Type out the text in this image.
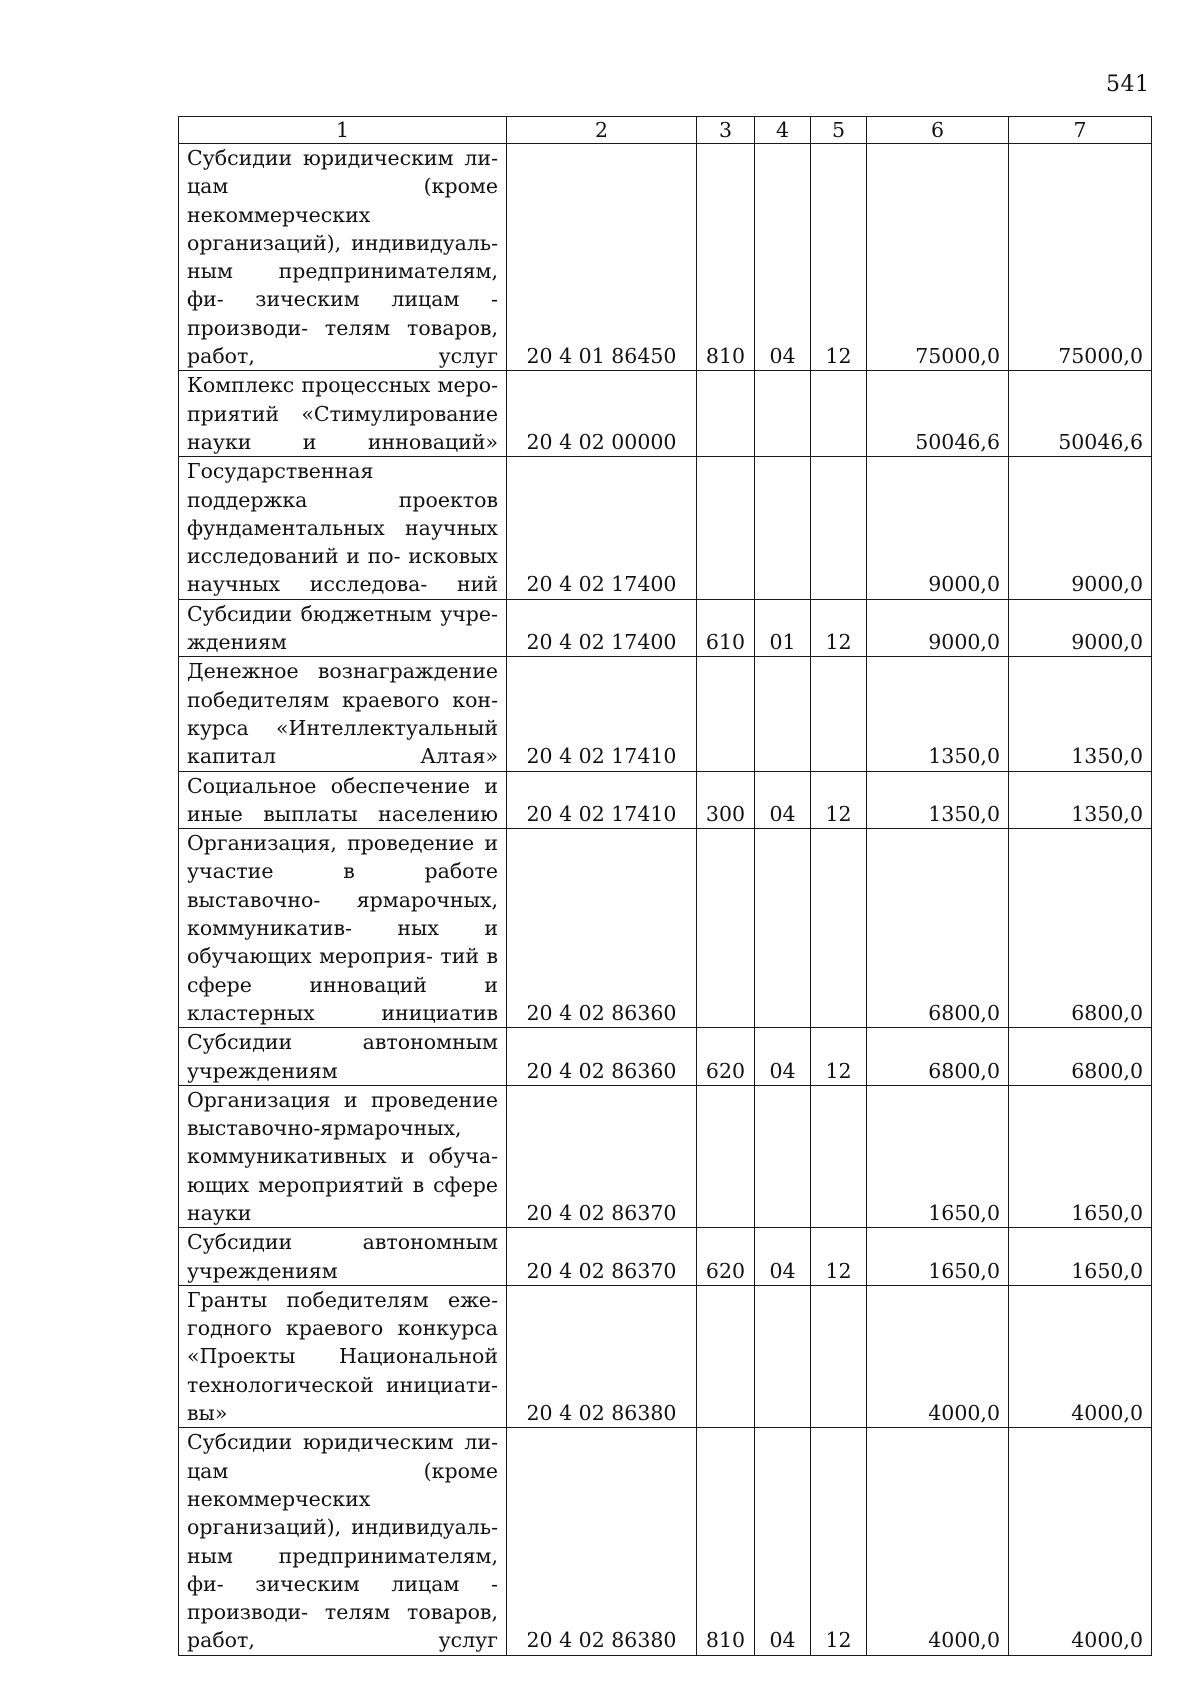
541
1	2	3	4	5	6	7
Субсидии юридическим ли- цам (кроме некоммерческих организаций), индивидуаль- ным предпринимателям, фи- зическим лицам - производи- телям товаров, работ, услуг	20 4 01 86450	810	04	12	75000,0	75000,0
Комплекс процессных меро- приятий «Стимулирование науки и инноваций»	20 4 02 00000				50046,6	50046,6
Государственная поддержка проектов фундаментальных научных исследований и по- исковых научных исследова- ний	20 4 02 17400				9000,0	9000,0
Субсидии бюджетным учре- ждениям	20 4 02 17400	610	01	12	9000,0	9000,0
Денежное вознаграждение победителям краевого кон- курса «Интеллектуальный капитал Алтая»	20 4 02 17410				1350,0	1350,0
Социальное обеспечение и иные выплаты населению	20 4 02 17410	300	04	12	1350,0	1350,0
Организация, проведение и участие в работе выставочно- ярмарочных, коммуникатив- ных и обучающих мероприя- тий в сфере инноваций и кластерных инициатив	20 4 02 86360				6800,0	6800,0
Субсидии автономным учреждениям	20 4 02 86360	620	04	12	6800,0	6800,0
Организация и проведение выставочно-ярмарочных, коммуникативных и обуча- ющих мероприятий в сфере науки	20 4 02 86370				1650,0	1650,0
Субсидии автономным учреждениям	20 4 02 86370	620	04	12	1650,0	1650,0
Гранты победителям еже- годного краевого конкурса «Проекты Национальной технологической инициати- вы»	20 4 02 86380				4000,0	4000,0
Субсидии юридическим ли- цам (кроме некоммерческих организаций), индивидуаль- ным предпринимателям, фи- зическим лицам - производи- телям товаров, работ, услуг	20 4 02 86380	810	04	12	4000,0	4000,0
